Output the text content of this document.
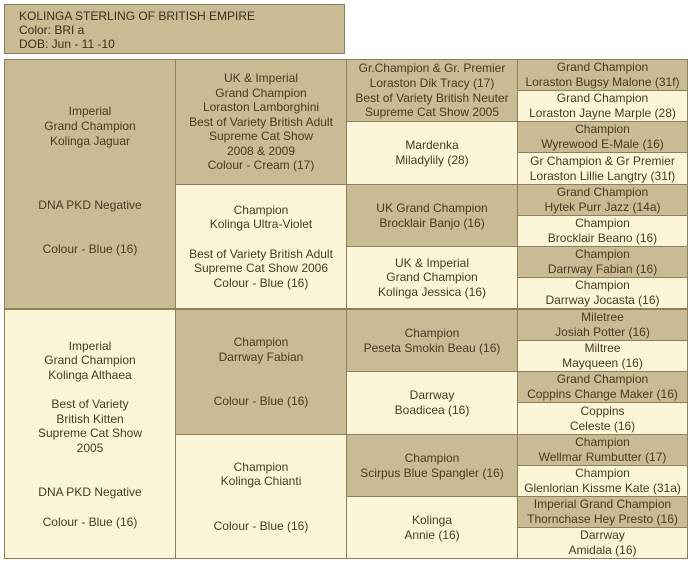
KOLINGA STERLING OF BRITISH EMPIRE
Color: BRI a
DOB: Jun - 11 -10
Imperial
Grand Champion
Kolinga Jaguar
DNA PKD Negative
Colour - Blue (16)
Imperial
Grand Champion
Kolinga Althaea
Best of Variety
British Kitten
Supreme Cat Show
2005
DNA PKD Negative
Colour - Blue (16)
UK & Imperial
Grand Champion
Loraston Lamborghini
Best of Variety British Adult
Supreme Cat Show
2008 & 2009
Colour - Cream (17)
Champion
Kolinga Ultra-Violet
Best of Variety British Adult
Supreme Cat Show 2006
Colour - Blue (16)
Champion
Darrway Fabian
Colour - Blue (16)
Champion
Kolinga Chianti
Colour - Blue (16)
Gr.Champion & Gr. Premier
Loraston Dik Tracy (17)
Best of Variety British Neuter
Supreme Cat Show 2005
Mardenka
Miladylily (28)
UK Grand Champion
Brocklair Banjo (16)
UK & Imperial
Grand Champion
Kolinga Jessica (16)
Champion
Peseta Smokin Beau (16)
Darrway
Boadicea (16)
Champion
Scirpus Blue Spangler (16)
Kolinga
Annie (16)
Grand Champion
Loraston Bugsy Malone (31f)
Grand Champion
Loraston Jayne Marple (28)
Champion
Wyrewood E-Male (16)
Gr Champion & Gr Premier
Loraston Lillie Langtry (31f)
Grand Champion
Hytek Purr Jazz (14a)
Champion
Brocklair Beano (16)
Champion
Darrway Fabian (16)
Champion
Darrway Jocasta (16)
Miletree
Josiah Potter (16)
Miltree
Mayqueen (16)
Grand Champion
Coppins Change Maker (16)
Coppins
Celeste (16)
Champion
Wellmar Rumbutter (17)
Champion
Glenlorian Kissme Kate (31a)
Imperial Grand Champion
Thornchase Hey Presto (16)
Darrway
Amidala (16)
